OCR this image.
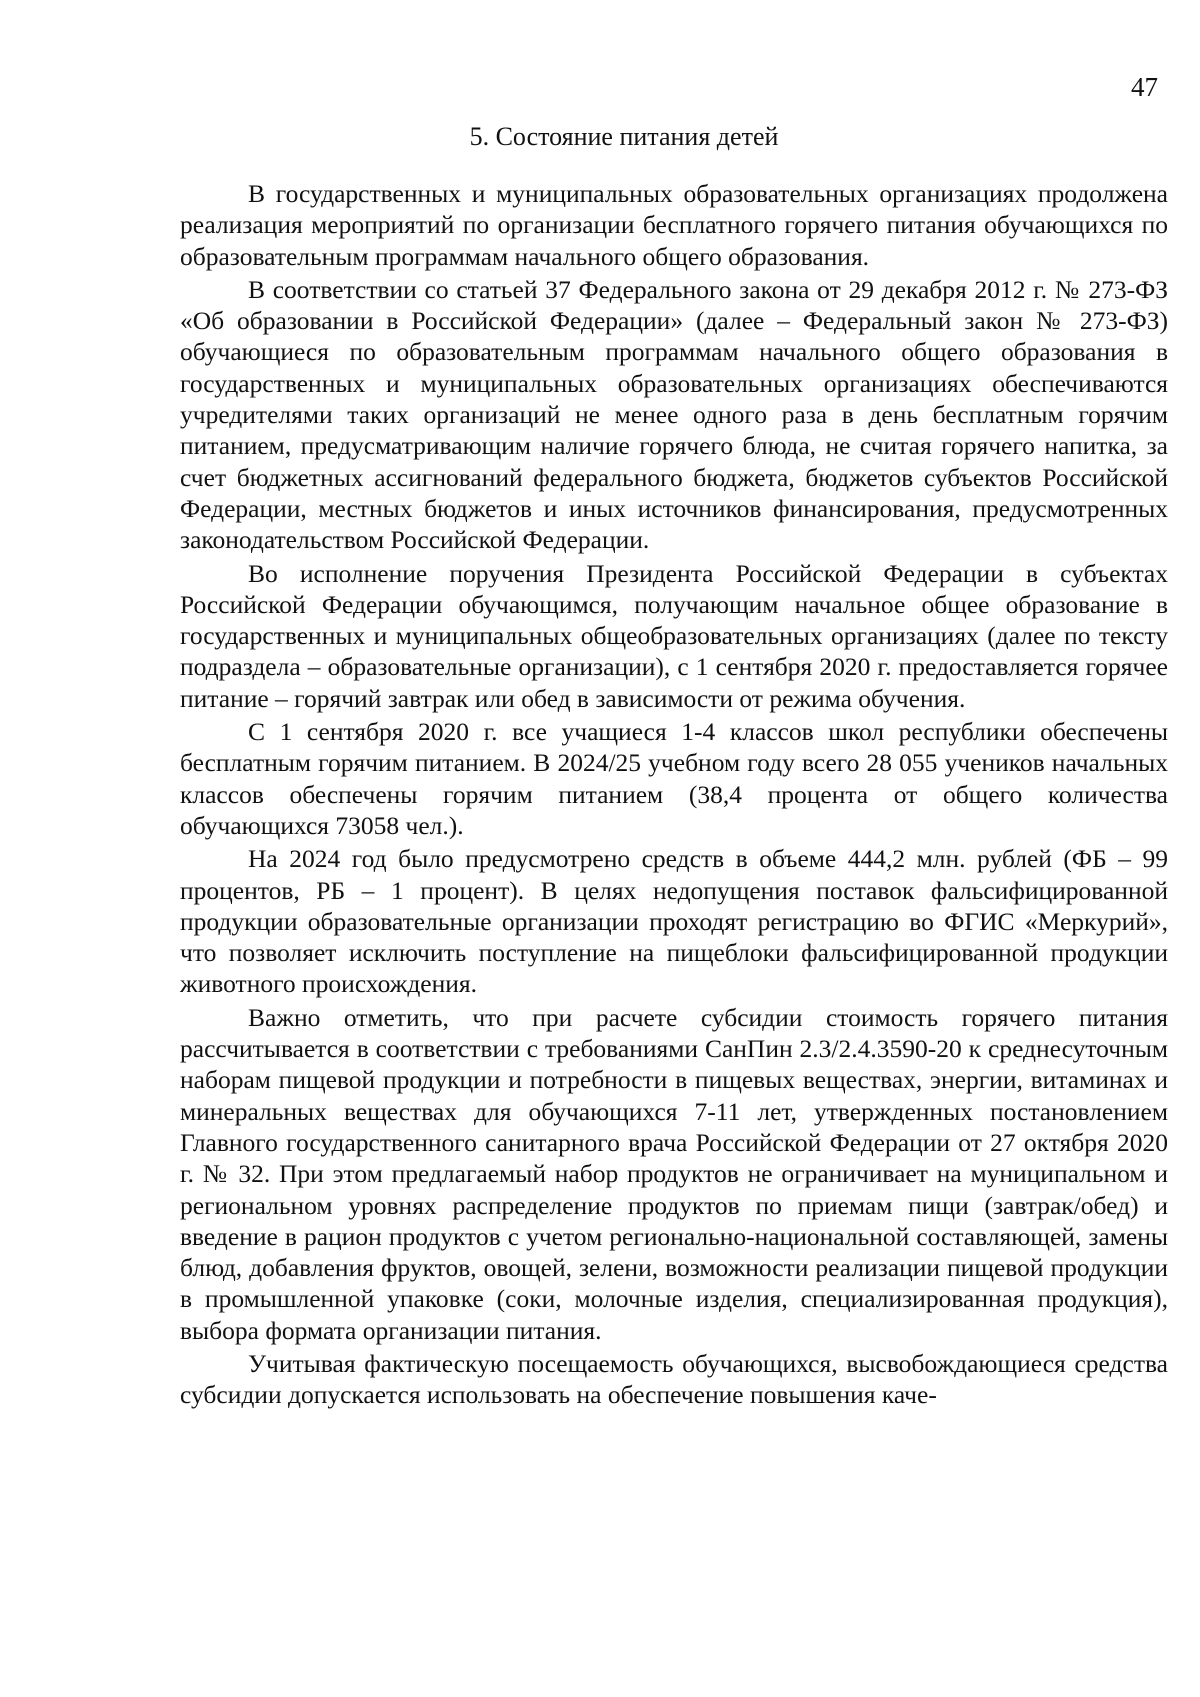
47
5. Состояние питания детей

В государственных и муниципальных образовательных организациях продолжена реализация мероприятий по организации бесплатного горячего питания обучающихся по образовательным программам начального общего образования.

В соответствии со статьей 37 Федерального закона от 29 декабря 2012 г. № 273-ФЗ «Об образовании в Российской Федерации» (далее – Федеральный закон № 273-ФЗ) обучающиеся по образовательным программам начального общего образования в государственных и муниципальных образовательных организациях обеспечиваются учредителями таких организаций не менее одного раза в день бесплатным горячим питанием, предусматривающим наличие горячего блюда, не считая горячего напитка, за счет бюджетных ассигнований федерального бюджета, бюджетов субъектов Российской Федерации, местных бюджетов и иных источников финансирования, предусмотренных законодательством Российской Федерации.

Во исполнение поручения Президента Российской Федерации в субъектах Российской Федерации обучающимся, получающим начальное общее образование в государственных и муниципальных общеобразовательных организациях (далее по тексту подраздела – образовательные организации), с 1 сентября 2020 г. предоставляется горячее питание – горячий завтрак или обед в зависимости от режима обучения.

С 1 сентября 2020 г. все учащиеся 1-4 классов школ республики обеспечены бесплатным горячим питанием. В 2024/25 учебном году всего 28 055 учеников начальных классов обеспечены горячим питанием (38,4 процента от общего количества обучающихся 73058 чел.).

На 2024 год было предусмотрено средств в объеме 444,2 млн. рублей (ФБ – 99 процентов, РБ – 1 процент). В целях недопущения поставок фальсифицированной продукции образовательные организации проходят регистрацию во ФГИС «Меркурий», что позволяет исключить поступление на пищеблоки фальсифицированной продукции животного происхождения.

Важно отметить, что при расчете субсидии стоимость горячего питания рассчитывается в соответствии с требованиями СанПин 2.3/2.4.3590-20 к среднесуточным наборам пищевой продукции и потребности в пищевых веществах, энергии, витаминах и минеральных веществах для обучающихся 7-11 лет, утвержденных постановлением Главного государственного санитарного врача Российской Федерации от 27 октября 2020 г. № 32. При этом предлагаемый набор продуктов не ограничивает на муниципальном и региональном уровнях распределение продуктов по приемам пищи (завтрак/обед) и введение в рацион продуктов с учетом регионально-национальной составляющей, замены блюд, добавления фруктов, овощей, зелени, возможности реализации пищевой продукции в промышленной упаковке (соки, молочные изделия, специализированная продукция), выбора формата организации питания.

Учитывая фактическую посещаемость обучающихся, высвобождающиеся средства субсидии допускается использовать на обеспечение повышения каче-
